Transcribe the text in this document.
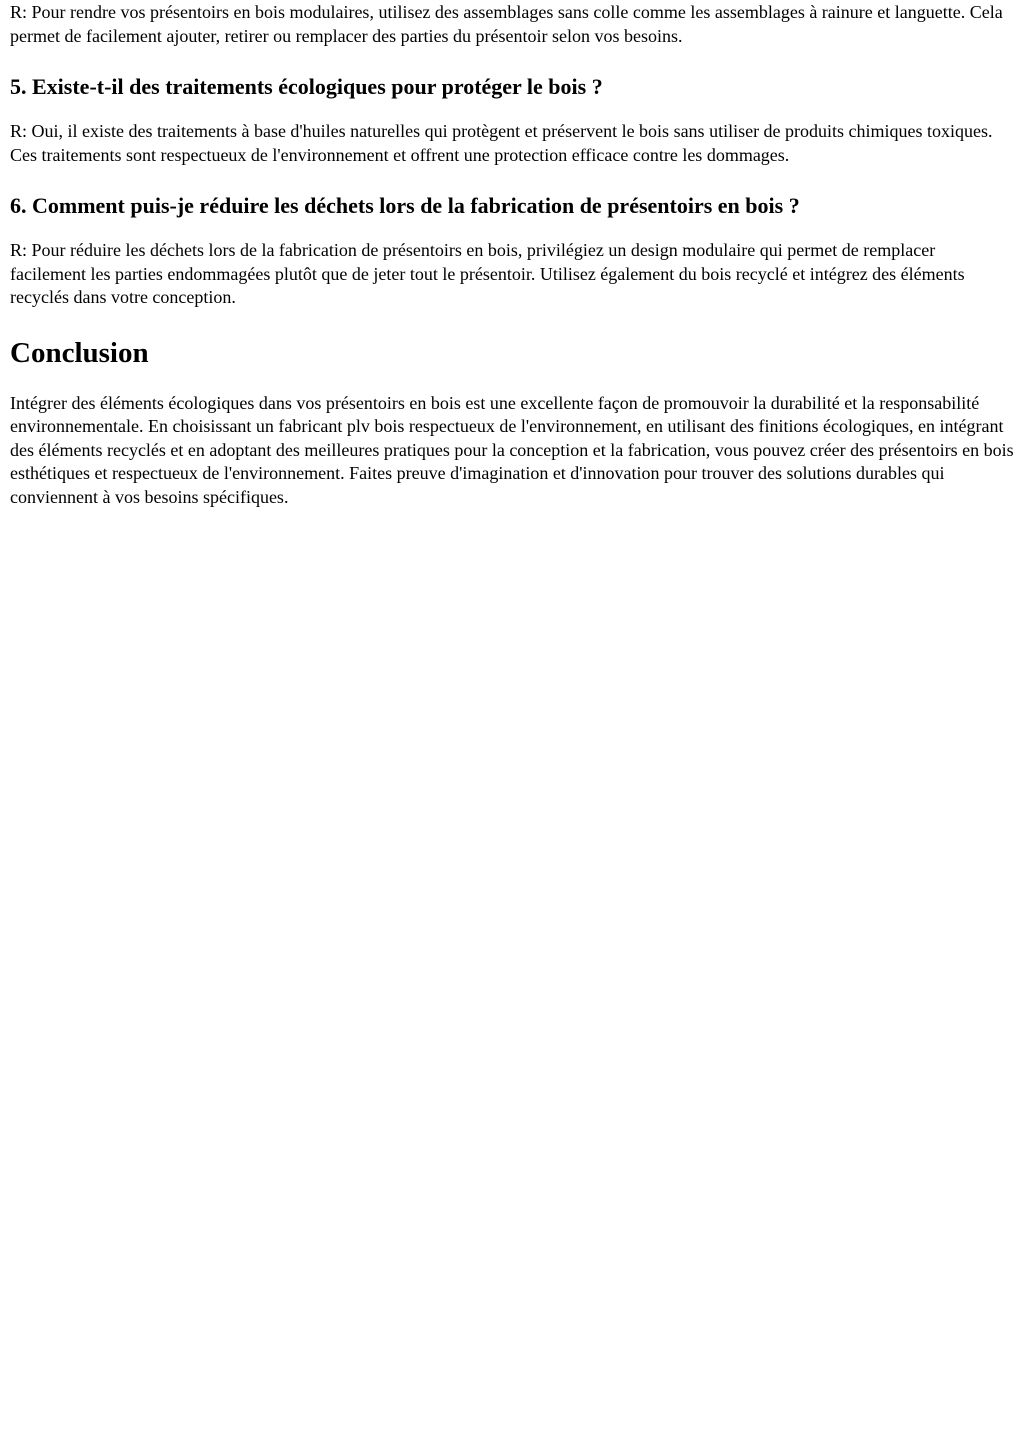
R: Pour rendre vos présentoirs en bois modulaires, utilisez des assemblages sans colle comme les assemblages à rainure et languette. Cela permet de facilement ajouter, retirer ou remplacer des parties du présentoir selon vos besoins.

5. Existe-t-il des traitements écologiques pour protéger le bois ?

R: Oui, il existe des traitements à base d'huiles naturelles qui protègent et préservent le bois sans utiliser de produits chimiques toxiques. Ces traitements sont respectueux de l'environnement et offrent une protection efficace contre les dommages.

6. Comment puis-je réduire les déchets lors de la fabrication de présentoirs en bois ?

R: Pour réduire les déchets lors de la fabrication de présentoirs en bois, privilégiez un design modulaire qui permet de remplacer facilement les parties endommagées plutôt que de jeter tout le présentoir. Utilisez également du bois recyclé et intégrez des éléments recyclés dans votre conception.

Conclusion

Intégrer des éléments écologiques dans vos présentoirs en bois est une excellente façon de promouvoir la durabilité et la responsabilité environnementale. En choisissant un fabricant plv bois respectueux de l'environnement, en utilisant des finitions écologiques, en intégrant des éléments recyclés et en adoptant des meilleures pratiques pour la conception et la fabrication, vous pouvez créer des présentoirs en bois esthétiques et respectueux de l'environnement. Faites preuve d'imagination et d'innovation pour trouver des solutions durables qui conviennent à vos besoins spécifiques.
